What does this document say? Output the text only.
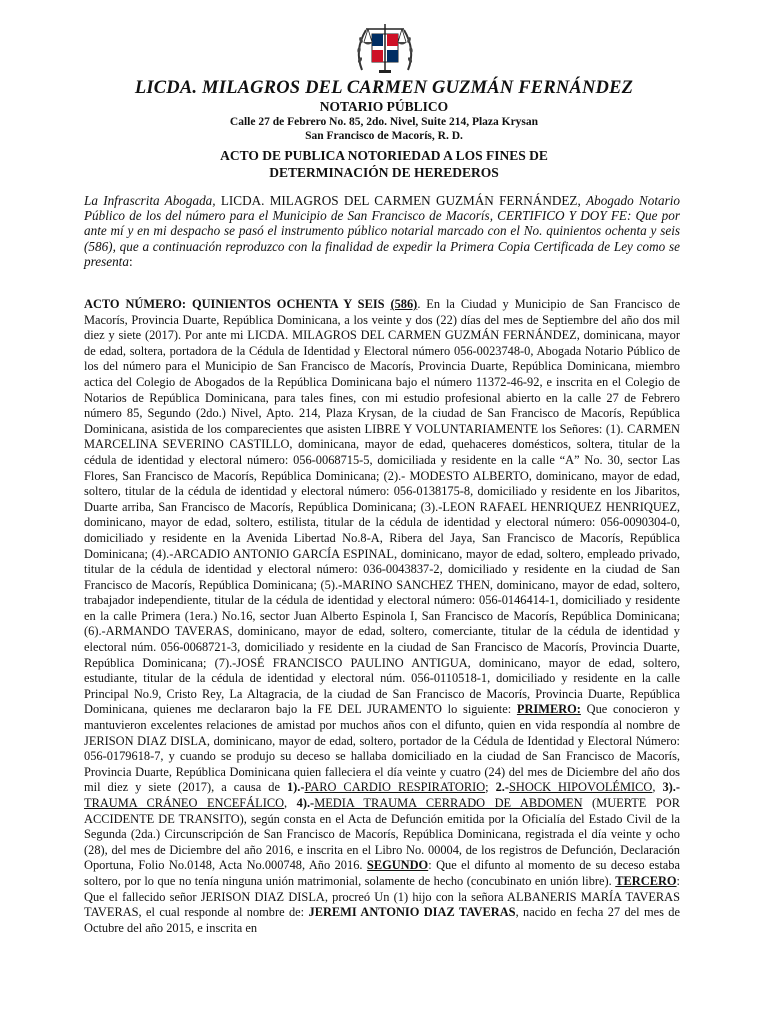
LICDA. MILAGROS DEL CARMEN GUZMÁN FERNÁNDEZ
NOTARIO PÚBLICO
Calle 27 de Febrero No. 85, 2do. Nivel, Suite 214, Plaza Krysan
San Francisco de Macorís, R. D.
ACTO DE PUBLICA NOTORIEDAD A LOS FINES DE
DETERMINACIÓN DE HEREDEROS
La Infrascrita Abogada, LICDA. MILAGROS DEL CARMEN GUZMÁN FERNÁNDEZ, Abogado Notario Público de los del número para el Municipio de San Francisco de Macorís, CERTIFICO Y DOY FE: Que por ante mí y en mi despacho se pasó el instrumento público notarial marcado con el No. quinientos ochenta y seis (586), que a continuación reproduzco con la finalidad de expedir la Primera Copia Certificada de Ley como se presenta:
ACTO NÚMERO: QUINIENTOS OCHENTA Y SEIS (586). En la Ciudad y Municipio de San Francisco de Macorís, Provincia Duarte, República Dominicana, a los veinte y dos (22) días del mes de Septiembre del año dos mil diez y siete (2017). Por ante mi LICDA. MILAGROS DEL CARMEN GUZMÁN FERNÁNDEZ, dominicana, mayor de edad, soltera, portadora de la Cédula de Identidad y Electoral número 056-0023748-0, Abogada Notario Público de los del número para el Municipio de San Francisco de Macorís, Provincia Duarte, República Dominicana, miembro actica del Colegio de Abogados de la República Dominicana bajo el número 11372-46-92, e inscrita en el Colegio de Notarios de República Dominicana, para tales fines, con mi estudio profesional abierto en la calle 27 de Febrero número 85, Segundo (2do.) Nivel, Apto. 214, Plaza Krysan, de la ciudad de San Francisco de Macorís, República Dominicana, asistida de los comparecientes que asisten LIBRE Y VOLUNTARIAMENTE los Señores: (1). CARMEN MARCELINA SEVERINO CASTILLO, dominicana, mayor de edad, quehaceres domésticos, soltera, titular de la cédula de identidad y electoral número: 056-0068715-5, domiciliada y residente en la calle “A” No. 30, sector Las Flores, San Francisco de Macorís, República Dominicana; (2).- MODESTO ALBERTO, dominicano, mayor de edad, soltero, titular de la cédula de identidad y electoral número: 056-0138175-8, domiciliado y residente en los Jibaritos, Duarte arriba, San Francisco de Macorís, República Dominicana; (3).-LEON RAFAEL HENRIQUEZ HENRIQUEZ, dominicano, mayor de edad, soltero, estilista, titular de la cédula de identidad y electoral número: 056-0090304-0, domiciliado y residente en la Avenida Libertad No.8-A, Ribera del Jaya, San Francisco de Macorís, República Dominicana; (4).-ARCADIO ANTONIO GARCÍA ESPINAL, dominicano, mayor de edad, soltero, empleado privado, titular de la cédula de identidad y electoral número: 036-0043837-2, domiciliado y residente en la ciudad de San Francisco de Macorís, República Dominicana; (5).-MARINO SANCHEZ THEN, dominicano, mayor de edad, soltero, trabajador independiente, titular de la cédula de identidad y electoral número: 056-0146414-1, domiciliado y residente en la calle Primera (1era.) No.16, sector Juan Alberto Espinola I, San Francisco de Macorís, República Dominicana; (6).-ARMANDO TAVERAS, dominicano, mayor de edad, soltero, comerciante, titular de la cédula de identidad y electoral núm. 056-0068721-3, domiciliado y residente en la ciudad de San Francisco de Macorís, Provincia Duarte, República Dominicana; (7).-JOSÉ FRANCISCO PAULINO ANTIGUA, dominicano, mayor de edad, soltero, estudiante, titular de la cédula de identidad y electoral núm. 056-0110518-1, domiciliado y residente en la calle Principal No.9, Cristo Rey, La Altagracia, de la ciudad de San Francisco de Macorís, Provincia Duarte, República Dominicana, quienes me declararon bajo la FE DEL JURAMENTO lo siguiente: PRIMERO: Que conocieron y mantuvieron excelentes relaciones de amistad por muchos años con el difunto, quien en vida respondía al nombre de JERISON DIAZ DISLA, dominicano, mayor de edad, soltero, portador de la Cédula de Identidad y Electoral Número: 056-0179618-7, y cuando se produjo su deceso se hallaba domiciliado en la ciudad de San Francisco de Macorís, Provincia Duarte, República Dominicana quien falleciera el día veinte y cuatro (24) del mes de Diciembre del año dos mil diez y siete (2017), a causa de 1).-PARO CARDIO RESPIRATORIO; 2.-SHOCK HIPOVOLÉMICO, 3).-TRAUMA CRÁNEO ENCEFÁLICO, 4).-MEDIA TRAUMA CERRADO DE ABDOMEN (MUERTE POR ACCIDENTE DE TRANSITO), según consta en el Acta de Defunción emitida por la Oficialía del Estado Civil de la Segunda (2da.) Circunscripción de San Francisco de Macorís, República Dominicana, registrada el día veinte y ocho (28), del mes de Diciembre del año 2016, e inscrita en el Libro No. 00004, de los registros de Defunción, Declaración Oportuna, Folio No.0148, Acta No.000748, Año 2016. SEGUNDO: Que el difunto al momento de su deceso estaba soltero, por lo que no tenía ninguna unión matrimonial, solamente de hecho (concubinato en unión libre). TERCERO: Que el fallecido señor JERISON DIAZ DISLA, procreó Un (1) hijo con la señora ALBANERIS MARÍA TAVERAS TAVERAS, el cual responde al nombre de: JEREMI ANTONIO DIAZ TAVERAS, nacido en fecha 27 del mes de Octubre del año 2015, e inscrita en
